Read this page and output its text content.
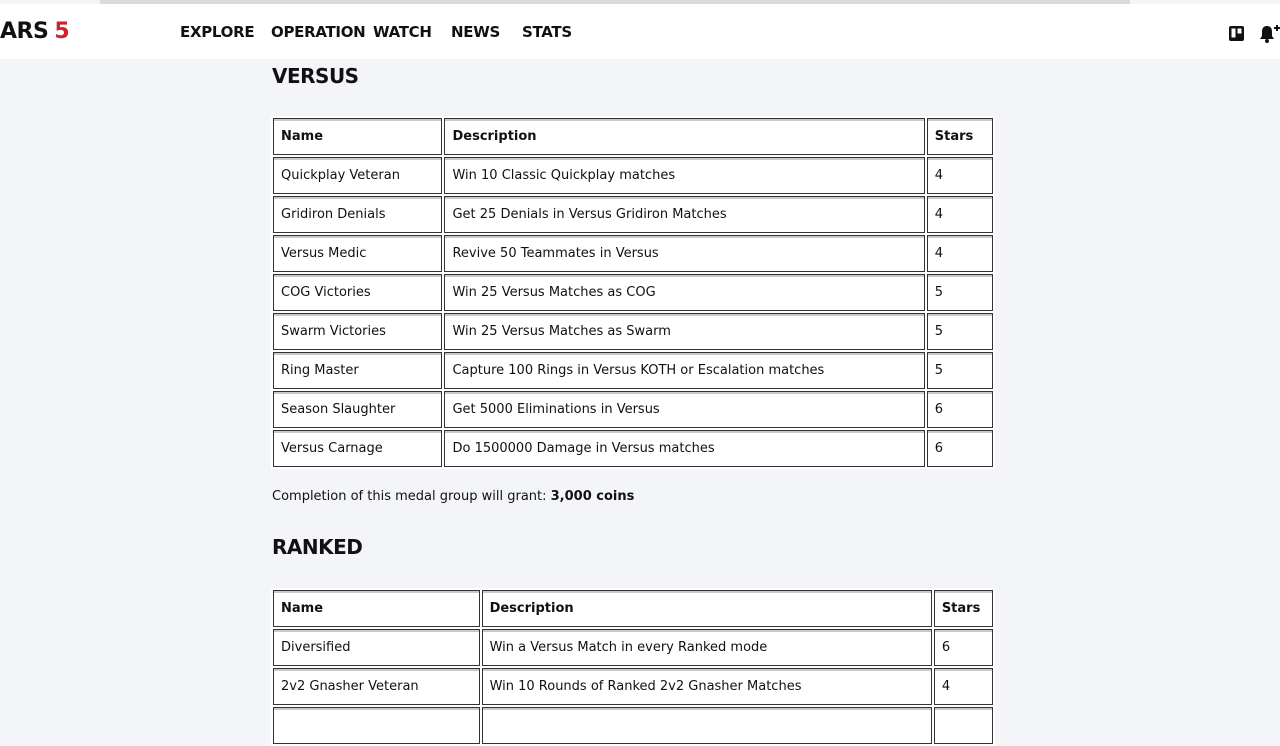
ARS 5	EXPLORE OPERATION WATCH NEWS STATS
VERSUS
Name	Description	Stars
Quickplay Veteran	Win 10 Classic Quickplay matches	4
Gridiron Denials	Get 25 Denials in Versus Gridiron Matches	4
Versus Medic	Revive 50 Teammates in Versus	4
COG Victories	Win 25 Versus Matches as COG	5
Swarm Victories	Win 25 Versus Matches as Swarm	5
Ring Master	Capture 100 Rings in Versus KOTH or Escalation matches	5
Season Slaughter	Get 5000 Eliminations in Versus	6
Versus Carnage	Do 1500000 Damage in Versus matches	6
Completion of this medal group will grant: 3,000 coins
RANKED
Name	Description	Stars
Diversified	Win a Versus Match in every Ranked mode	6
2v2 Gnasher Veteran	Win 10 Rounds of Ranked 2v2 Gnasher Matches	4
